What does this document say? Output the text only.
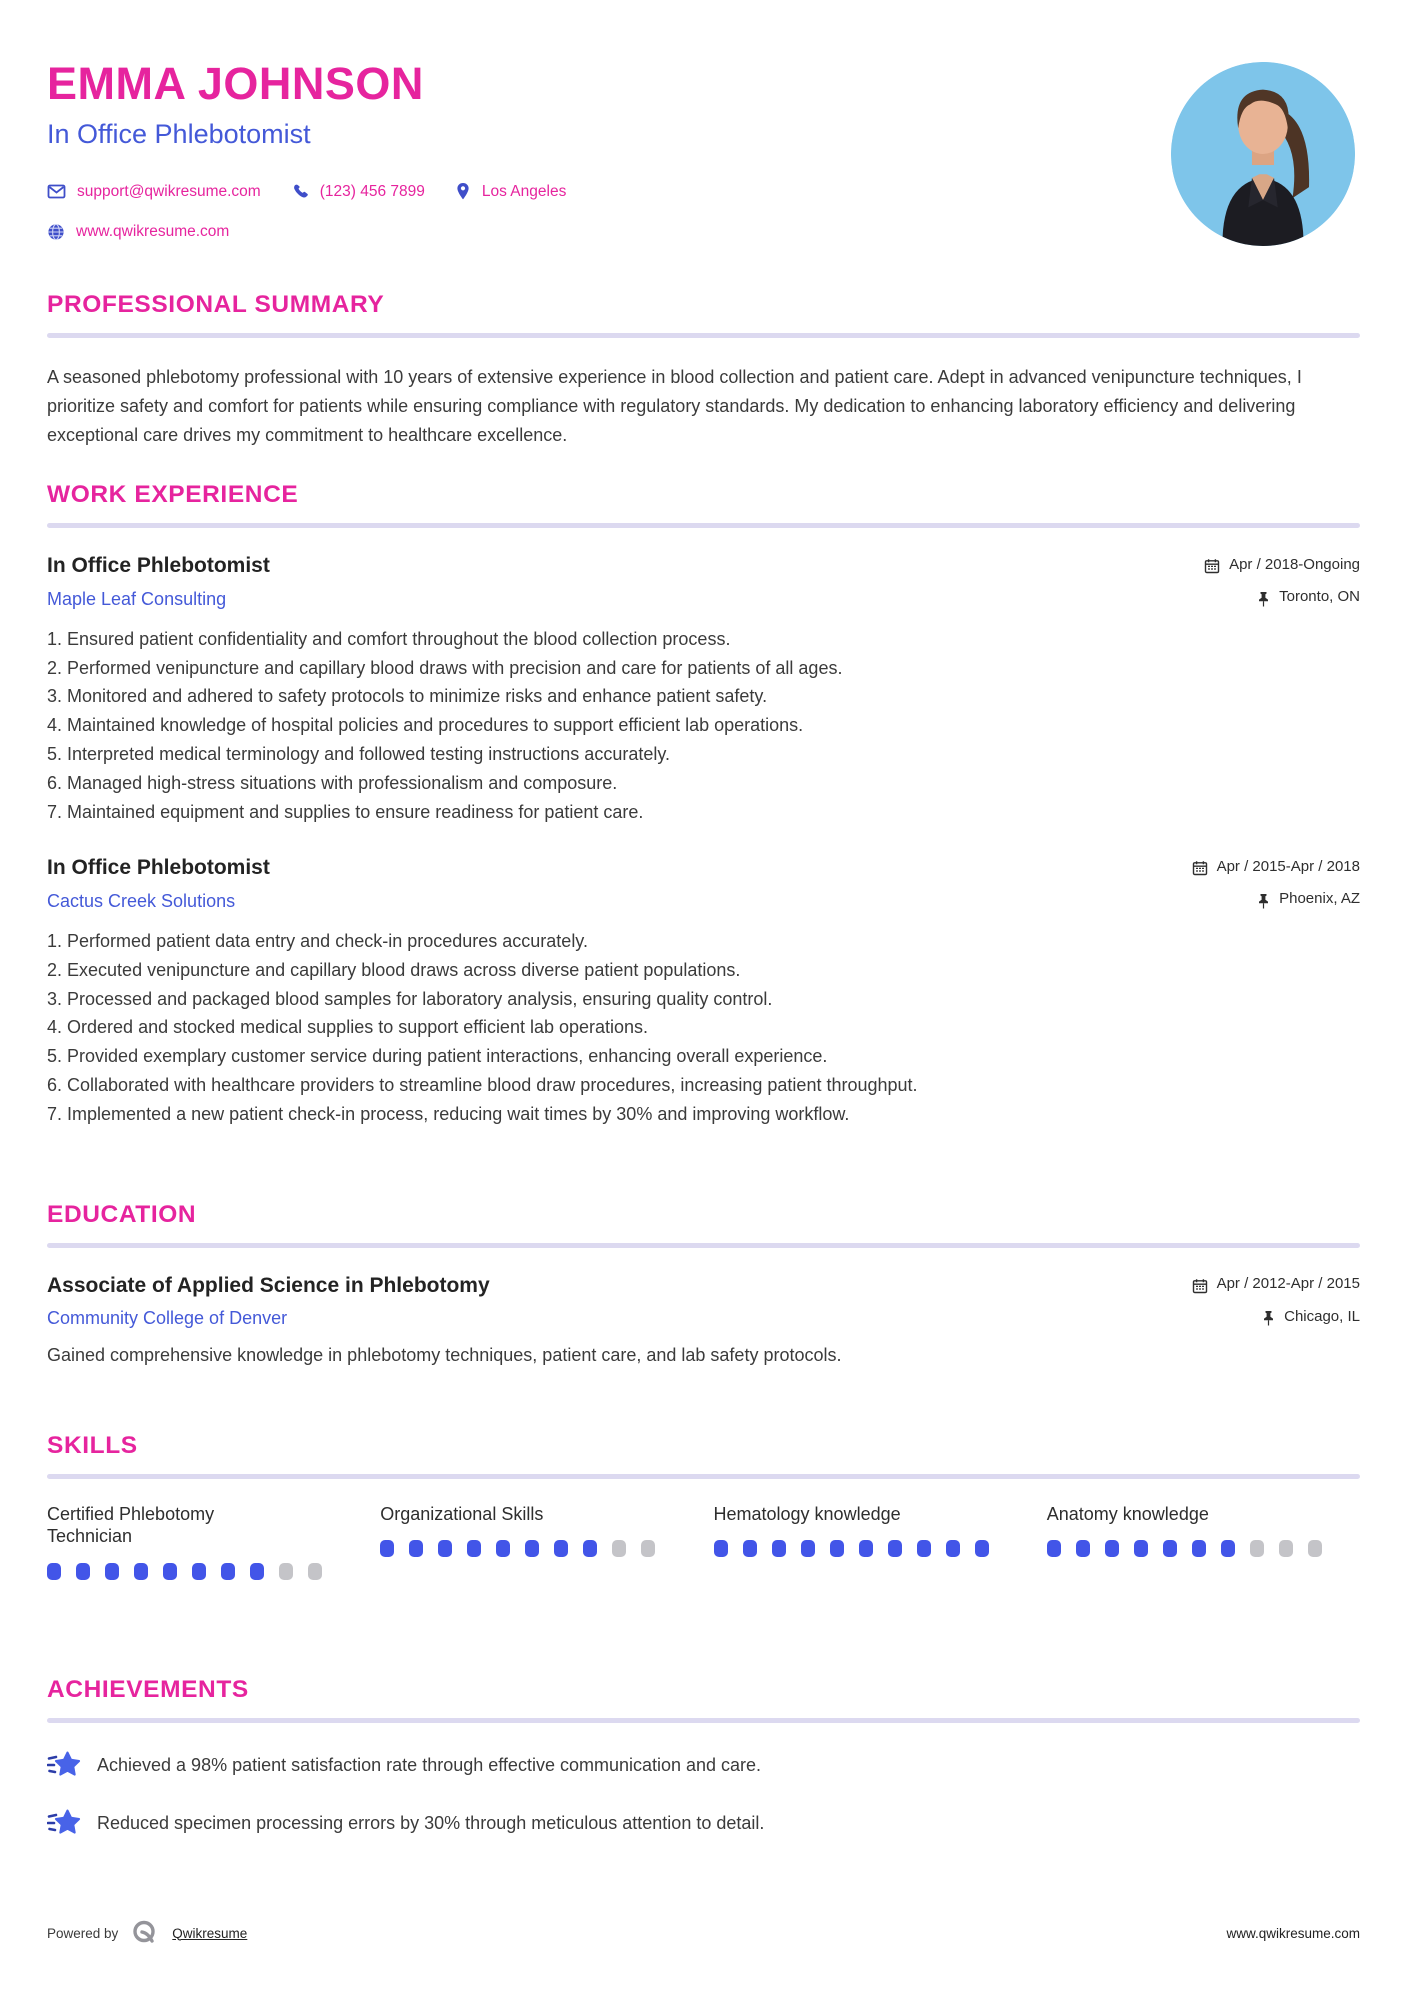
EMMA JOHNSON
In Office Phlebotomist
support@qwikresume.com	(123) 456 7899	Los Angeles
www.qwikresume.com
PROFESSIONAL SUMMARY

A seasoned phlebotomy professional with 10 years of extensive experience in blood collection and patient care. Adept in advanced venipuncture techniques, I prioritize safety and comfort for patients while ensuring compliance with regulatory standards. My dedication to enhancing laboratory efficiency and delivering exceptional care drives my commitment to healthcare excellence.

WORK EXPERIENCE
In Office Phlebotomist	Apr / 2018-Ongoing
Maple Leaf Consulting	Toronto, ON
Ensured patient confidentiality and comfort throughout the blood collection process.
Performed venipuncture and capillary blood draws with precision and care for patients of all ages.
Monitored and adhered to safety protocols to minimize risks and enhance patient safety.
Maintained knowledge of hospital policies and procedures to support efficient lab operations.
Interpreted medical terminology and followed testing instructions accurately.
Managed high-stress situations with professionalism and composure.
Maintained equipment and supplies to ensure readiness for patient care.
In Office Phlebotomist	Apr / 2015-Apr / 2018
Cactus Creek Solutions	Phoenix, AZ
Performed patient data entry and check-in procedures accurately.
Executed venipuncture and capillary blood draws across diverse patient populations.
Processed and packaged blood samples for laboratory analysis, ensuring quality control.
Ordered and stocked medical supplies to support efficient lab operations.
Provided exemplary customer service during patient interactions, enhancing overall experience.
Collaborated with healthcare providers to streamline blood draw procedures, increasing patient throughput.
Implemented a new patient check-in process, reducing wait times by 30% and improving workflow.
EDUCATION
Associate of Applied Science in Phlebotomy	Apr / 2012-Apr / 2015
Community College of Denver	Chicago, IL

Gained comprehensive knowledge in phlebotomy techniques, patient care, and lab safety protocols.

SKILLS
Certified Phlebotomy Technician
Organizational Skills	Hematology knowledge	Anatomy knowledge
ACHIEVEMENTS
Achieved a 98% patient satisfaction rate through effective communication and care.
Reduced specimen processing errors by 30% through meticulous attention to detail.
Powered by	Qwikresume	www.qwikresume.com
